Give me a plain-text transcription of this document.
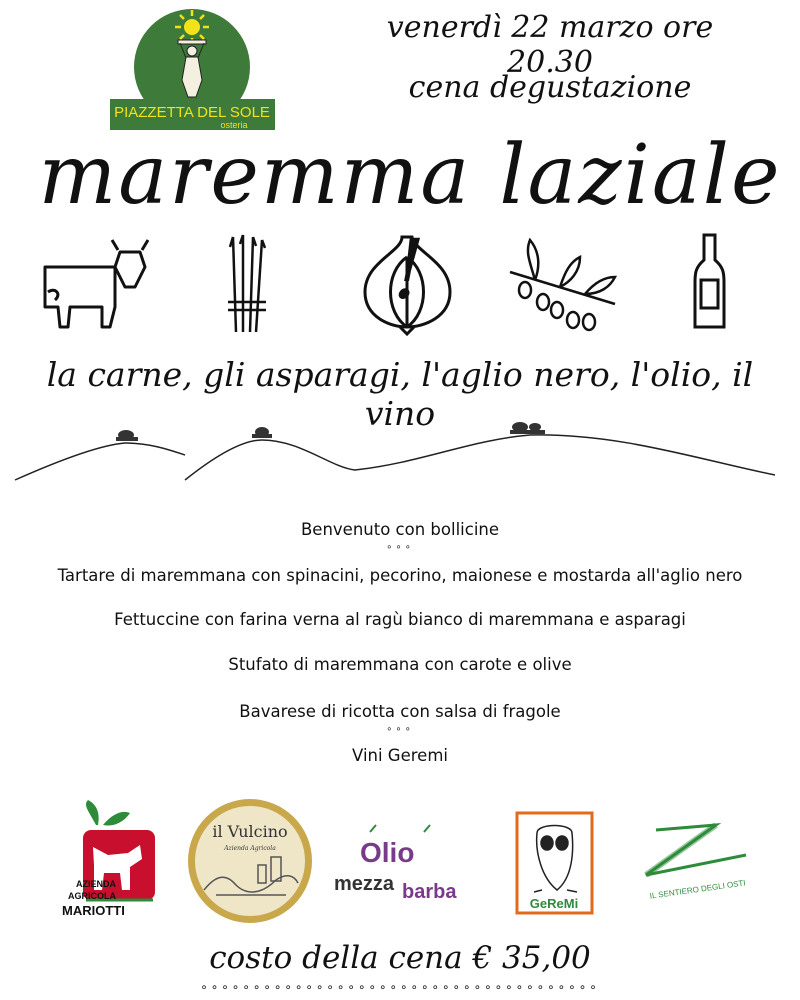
PIAZZETTA DEL SOLE
osteria
venerdì 22 marzo ore 20.30
cena degustazione
maremma laziale !
la carne, gli asparagi, l'aglio nero, l'olio, il vino
Benvenuto con bollicine
∘∘∘
Tartare di maremmana con spinacini, pecorino, maionese e mostarda all'aglio nero
Fettuccine con farina verna al ragù bianco di maremmana e asparagi
Stufato di maremmana con carote e olive
Bavarese di ricotta con salsa di fragole
∘∘∘
Vini Geremi
AZIENDA
AGRICOLA
MARIOTTI
il Vulcino
Azienda Agricola	Olio
mezza barba
GeReMi
IL SENTIERO DEGLI OSTI
costo della cena € 35,00
∘∘∘∘∘∘∘∘∘∘∘∘∘∘∘∘∘∘∘∘∘∘∘∘∘∘∘∘∘∘∘∘∘∘∘∘∘∘
